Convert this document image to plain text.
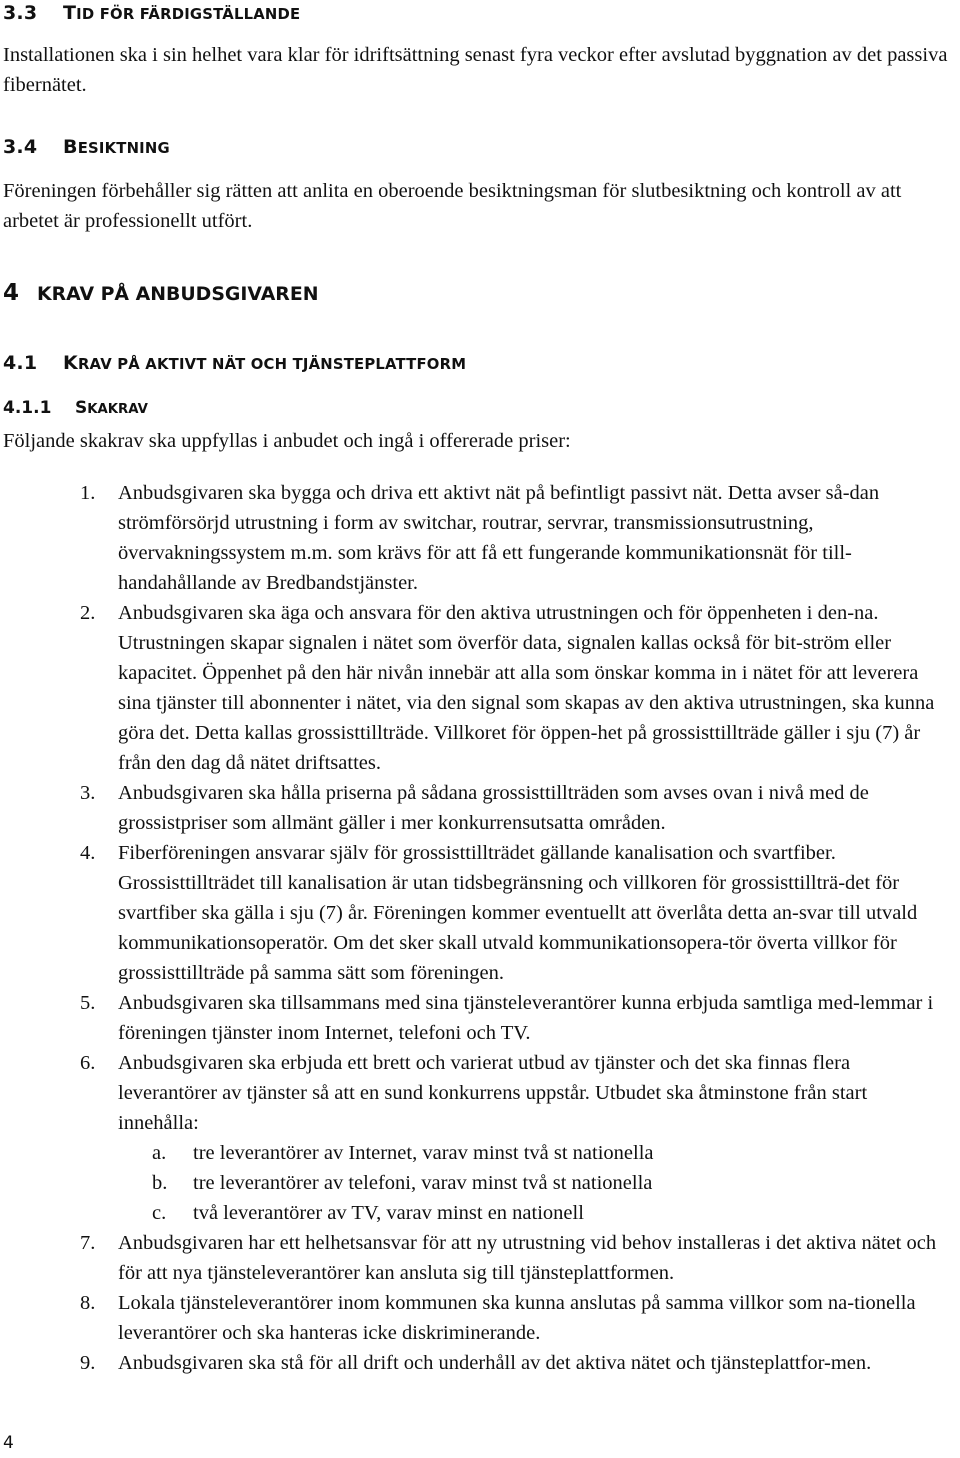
3.3 TID FÖR FÄRDIGSTÄLLANDE
Installationen ska i sin helhet vara klar för idriftsättning senast fyra veckor efter avslutad byggnation av det passiva fibernätet.
3.4 BESIKTNING
Föreningen förbehåller sig rätten att anlita en oberoende besiktningsman för slutbesiktning och kontroll av att arbetet är professionellt utfört.
4 KRAV PÅ ANBUDSGIVAREN
4.1 KRAV PÅ AKTIVT NÄT OCH TJÄNSTEPLATTFORM
4.1.1 SKAKRAV
Följande skakrav ska uppfyllas i anbudet och ingå i offererade priser:
1. Anbudsgivaren ska bygga och driva ett aktivt nät på befintligt passivt nät. Detta avser så-dan strömförsörjd utrustning i form av switchar, routrar, servrar, transmissionsutrustning, övervakningssystem m.m. som krävs för att få ett fungerande kommunikationsnät för till-handahållande av Bredbandstjänster.
2. Anbudsgivaren ska äga och ansvara för den aktiva utrustningen och för öppenheten i den-na. Utrustningen skapar signalen i nätet som överför data, signalen kallas också för bit-ström eller kapacitet. Öppenhet på den här nivån innebär att alla som önskar komma in i nätet för att leverera sina tjänster till abonnenter i nätet, via den signal som skapas av den aktiva utrustningen, ska kunna göra det. Detta kallas grossisttillträde. Villkoret för öppen-het på grossisttillträde gäller i sju (7) år från den dag då nätet driftsattes.
3. Anbudsgivaren ska hålla priserna på sådana grossisttillträden som avses ovan i nivå med de grossistpriser som allmänt gäller i mer konkurrensutsatta områden.
4. Fiberföreningen ansvarar själv för grossisttillträdet gällande kanalisation och svartfiber. Grossisttillträdet till kanalisation är utan tidsbegränsning och villkoren för grossisttillträ-det för svartfiber ska gälla i sju (7) år. Föreningen kommer eventuellt att överlåta detta an-svar till utvald kommunikationsoperatör. Om det sker skall utvald kommunikationsopera-tör överta villkor för grossisttillträde på samma sätt som föreningen.
5. Anbudsgivaren ska tillsammans med sina tjänsteleverantörer kunna erbjuda samtliga med-lemmar i föreningen tjänster inom Internet, telefoni och TV.
6. Anbudsgivaren ska erbjuda ett brett och varierat utbud av tjänster och det ska finnas flera leverantörer av tjänster så att en sund konkurrens uppstår. Utbudet ska åtminstone från start innehålla:
a. tre leverantörer av Internet, varav minst två st nationella
b. tre leverantörer av telefoni, varav minst två st nationella
c. två leverantörer av TV, varav minst en nationell
7. Anbudsgivaren har ett helhetsansvar för att ny utrustning vid behov installeras i det aktiva nätet och för att nya tjänsteleverantörer kan ansluta sig till tjänsteplattformen.
8. Lokala tjänsteleverantörer inom kommunen ska kunna anslutas på samma villkor som na-tionella leverantörer och ska hanteras icke diskriminerande.
9. Anbudsgivaren ska stå för all drift och underhåll av det aktiva nätet och tjänsteplattfor-men.
4
